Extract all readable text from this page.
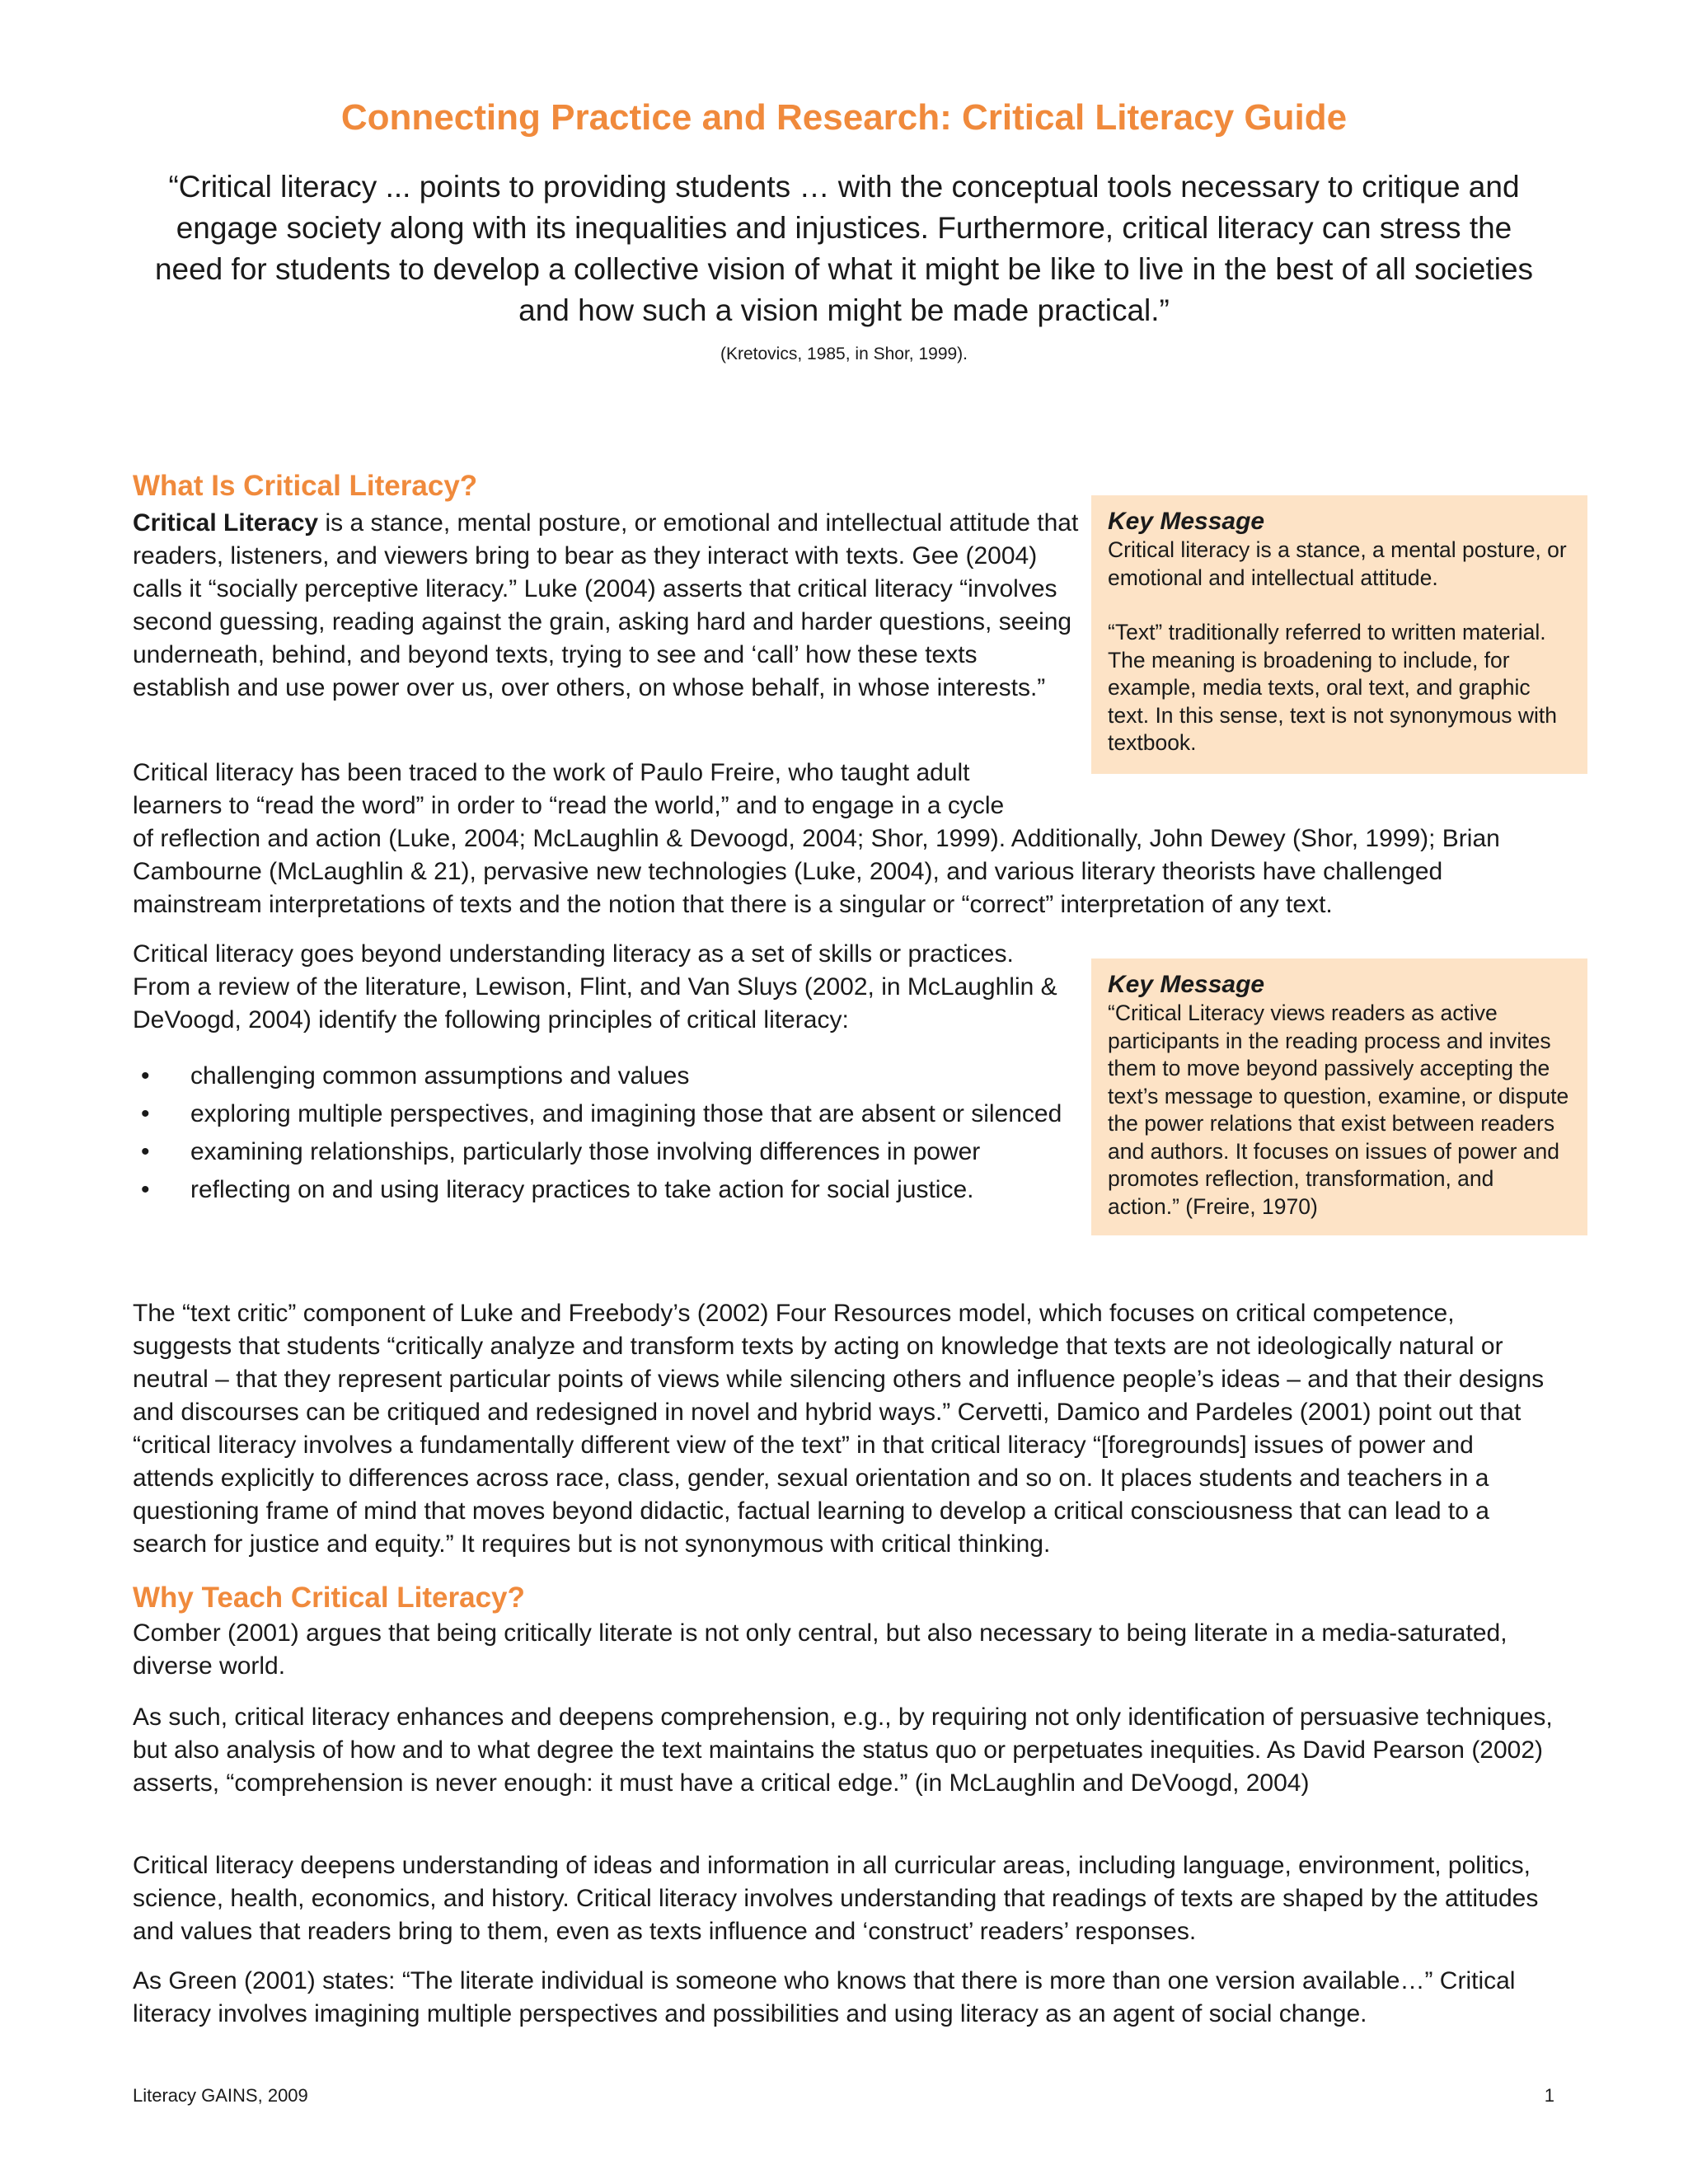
Connecting Practice and Research: Critical Literacy Guide

“Critical literacy ... points to providing students … with the conceptual tools necessary to critique and engage society along with its inequalities and injustices. Furthermore, critical literacy can stress the need for students to develop a collective vision of what it might be like to live in the best of all societies and how such a vision might be made practical.”

(Kretovics, 1985, in Shor, 1999).

What Is Critical Literacy?

Critical Literacy is a stance, mental posture, or emotional and intellectual attitude that readers, listeners, and viewers bring to bear as they interact with texts. Gee (2004) calls it “socially perceptive literacy.” Luke (2004) asserts that critical literacy “involves second guessing, reading against the grain, asking hard and harder questions, seeing underneath, behind, and beyond texts, trying to see and ‘call’ how these texts establish and use power over us, over others, on whose behalf, in whose interests.”

Critical literacy has been traced to the work of Paulo Freire, who taught adult learners to “read the word” in order to “read the world,” and to engage in a cycle

of reflection and action (Luke, 2004; McLaughlin & Devoogd, 2004; Shor, 1999). Additionally, John Dewey (Shor, 1999); Brian Cambourne (McLaughlin & 21), pervasive new technologies (Luke, 2004), and various literary theorists have challenged mainstream interpretations of texts and the notion that there is a singular or “correct” interpretation of any text.

Key Message

Critical literacy is a stance, a mental posture, or emotional and intellectual attitude.

“Text” traditionally referred to written material. The meaning is broadening to include, for example, media texts, oral text, and graphic text. In this sense, text is not synonymous with textbook.

Critical literacy goes beyond understanding literacy as a set of skills or practices. From a review of the literature, Lewison, Flint, and Van Sluys (2002, in McLaughlin & DeVoogd, 2004) identify the following principles of critical literacy:

• challenging common assumptions and values
• exploring multiple perspectives, and imagining those that are absent or silenced
• examining relationships, particularly those involving differences in power
• reflecting on and using literacy practices to take action for social justice.

Key Message

“Critical Literacy views readers as active participants in the reading process and invites them to move beyond passively accepting the text’s message to question, examine, or dispute the power relations that exist between readers and authors. It focuses on issues of power and promotes reflection, transformation, and action.” (Freire, 1970)

The “text critic” component of Luke and Freebody’s (2002) Four Resources model, which focuses on critical competence, suggests that students “critically analyze and transform texts by acting on knowledge that texts are not ideologically natural or neutral – that they represent particular points of views while silencing others and influence people’s ideas – and that their designs and discourses can be critiqued and redesigned in novel and hybrid ways.” Cervetti, Damico and Pardeles (2001) point out that “critical literacy involves a fundamentally different view of the text” in that critical literacy “[foregrounds] issues of power and attends explicitly to differences across race, class, gender, sexual orientation and so on. It places students and teachers in a questioning frame of mind that moves beyond didactic, factual learning to develop a critical consciousness that can lead to a search for justice and equity.” It requires but is not synonymous with critical thinking.

Why Teach Critical Literacy?

Comber (2001) argues that being critically literate is not only central, but also necessary to being literate in a media-saturated, diverse world.

As such, critical literacy enhances and deepens comprehension, e.g., by requiring not only identification of persuasive techniques, but also analysis of how and to what degree the text maintains the status quo or perpetuates inequities. As David Pearson (2002) asserts, “comprehension is never enough: it must have a critical edge.” (in McLaughlin and DeVoogd, 2004)

Critical literacy deepens understanding of ideas and information in all curricular areas, including language, environment, politics, science, health, economics, and history. Critical literacy involves understanding that readings of texts are shaped by the attitudes and values that readers bring to them, even as texts influence and ‘construct’ readers’ responses.

As Green (2001) states: “The literate individual is someone who knows that there is more than one version available…” Critical literacy involves imagining multiple perspectives and possibilities and using literacy as an agent of social change.

Literacy GAINS, 2009	1
